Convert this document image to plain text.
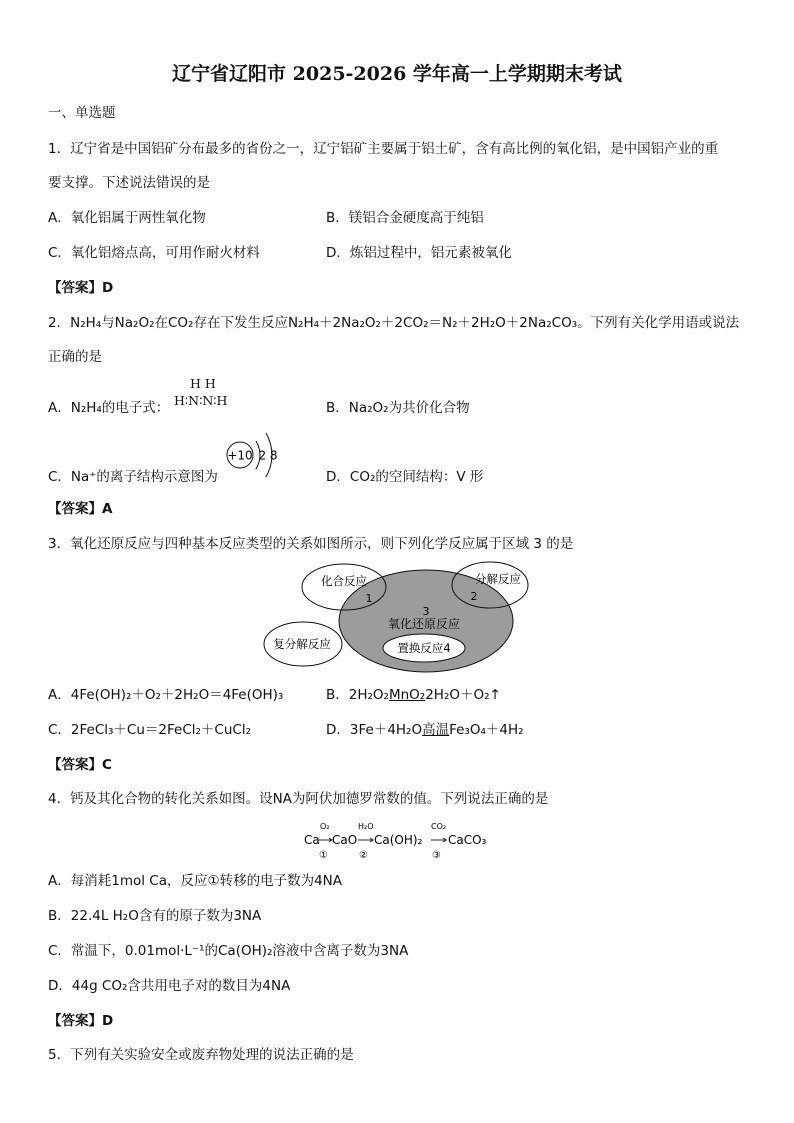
辽宁省辽阳市 2025-2026 学年高一上学期期末考试
一、单选题
1．辽宁省是中国铝矿分布最多的省份之一，辽宁铝矿主要属于铝土矿，含有高比例的氧化铝，是中国铝产业的重
要支撑。下述说法错误的是
A．氧化铝属于两性氧化物	B．镁铝合金硬度高于纯铝
C．氧化铝熔点高，可用作耐火材料	D．炼铝过程中，铝元素被氧化
【答案】D
2．N₂H₄与Na₂O₂在CO₂存在下发生反应N₂H₄＋2Na₂O₂＋2CO₂＝N₂＋2H₂O＋2Na₂CO₃。下列有关化学用语或说法
正确的是
A．N₂H₄的电子式：
H H
H∶N∶N∶H	B．Na₂O₂为共价化合物
C．Na⁺的离子结构示意图为
+10 2 8
D．CO₂的空间结构：V 形
【答案】A
3．氧化还原反应与四种基本反应类型的关系如图所示，则下列化学反应属于区域 3 的是
化合反应
1
分解反应
2
3
氧化还原反应
复分解反应	置换反应4
A．4Fe(OH)₂＋O₂＋2H₂O＝4Fe(OH)₃	B．2H₂O₂MnO₂2H₂O＋O₂↑
C．2FeCl₃＋Cu＝2FeCl₂＋CuCl₂	D．3Fe＋4H₂O高温Fe₃O₄＋4H₂
【答案】C
4．钙及其化合物的转化关系如图。设NA为阿伏加德罗常数的值。下列说法正确的是
Ca
O₂
①
CaO
H₂O
②
Ca(OH)₂
CO₂
③
CaCO₃
A．每消耗1mol Ca，反应①转移的电子数为4NA
B．22.4L H₂O含有的原子数为3NA
C．常温下，0.01mol·L⁻¹的Ca(OH)₂溶液中含离子数为3NA
D．44g CO₂含共用电子对的数目为4NA
【答案】D
5．下列有关实验安全或废弃物处理的说法正确的是
